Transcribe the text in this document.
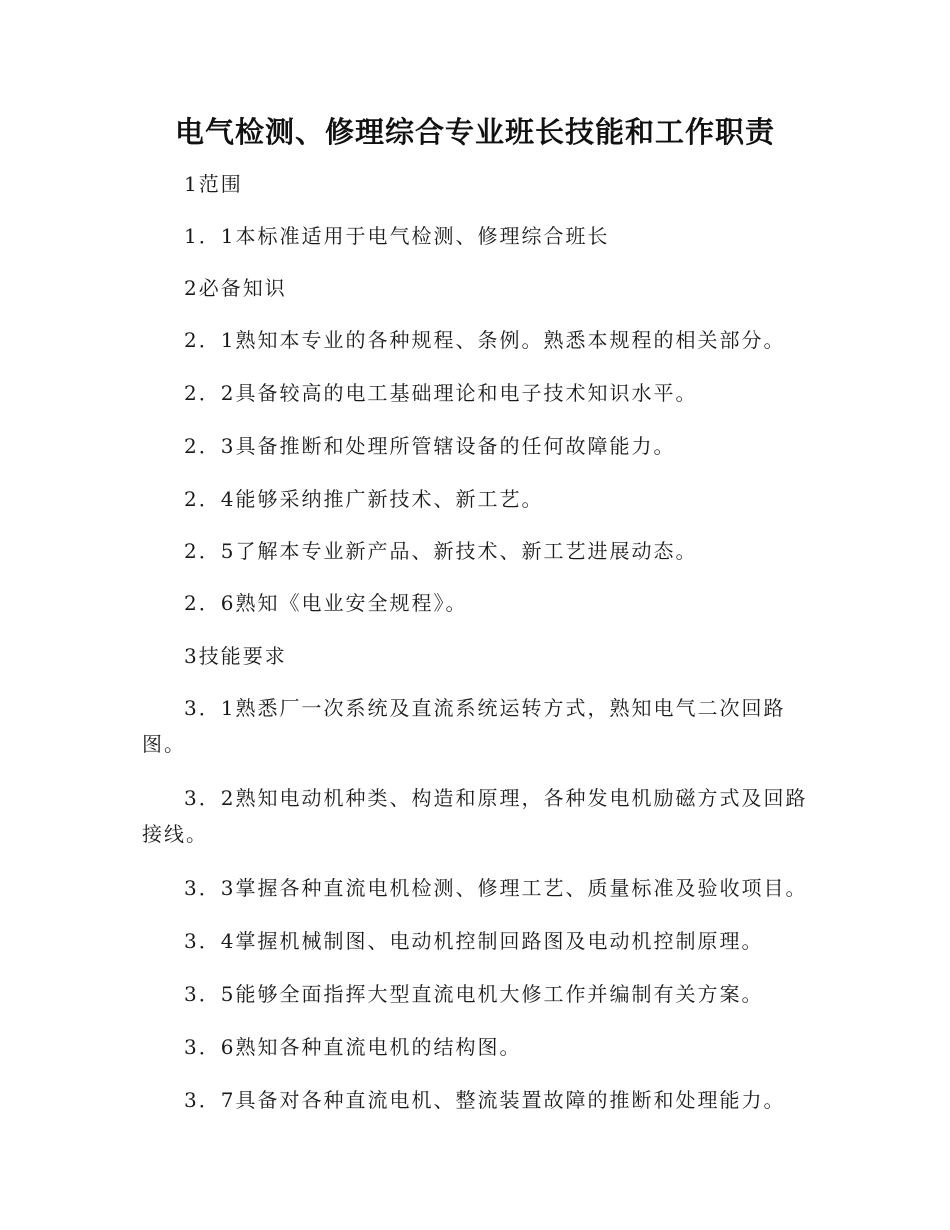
电气检测、修理综合专业班长技能和工作职责

1范围

1．1本标准适用于电气检测、修理综合班长

2必备知识

2．1熟知本专业的各种规程、条例。熟悉本规程的相关部分。

2．2具备较高的电工基础理论和电子技术知识水平。

2．3具备推断和处理所管辖设备的任何故障能力。

2．4能够采纳推广新技术、新工艺。

2．5了解本专业新产品、新技术、新工艺进展动态。

2．6熟知《电业安全规程》。

3技能要求

3．1熟悉厂一次系统及直流系统运转方式，熟知电气二次回路图。

3．2熟知电动机种类、构造和原理，各种发电机励磁方式及回路接线。

3．3掌握各种直流电机检测、修理工艺、质量标准及验收项目。

3．4掌握机械制图、电动机控制回路图及电动机控制原理。

3．5能够全面指挥大型直流电机大修工作并编制有关方案。

3．6熟知各种直流电机的结构图。

3．7具备对各种直流电机、整流装置故障的推断和处理能力。
